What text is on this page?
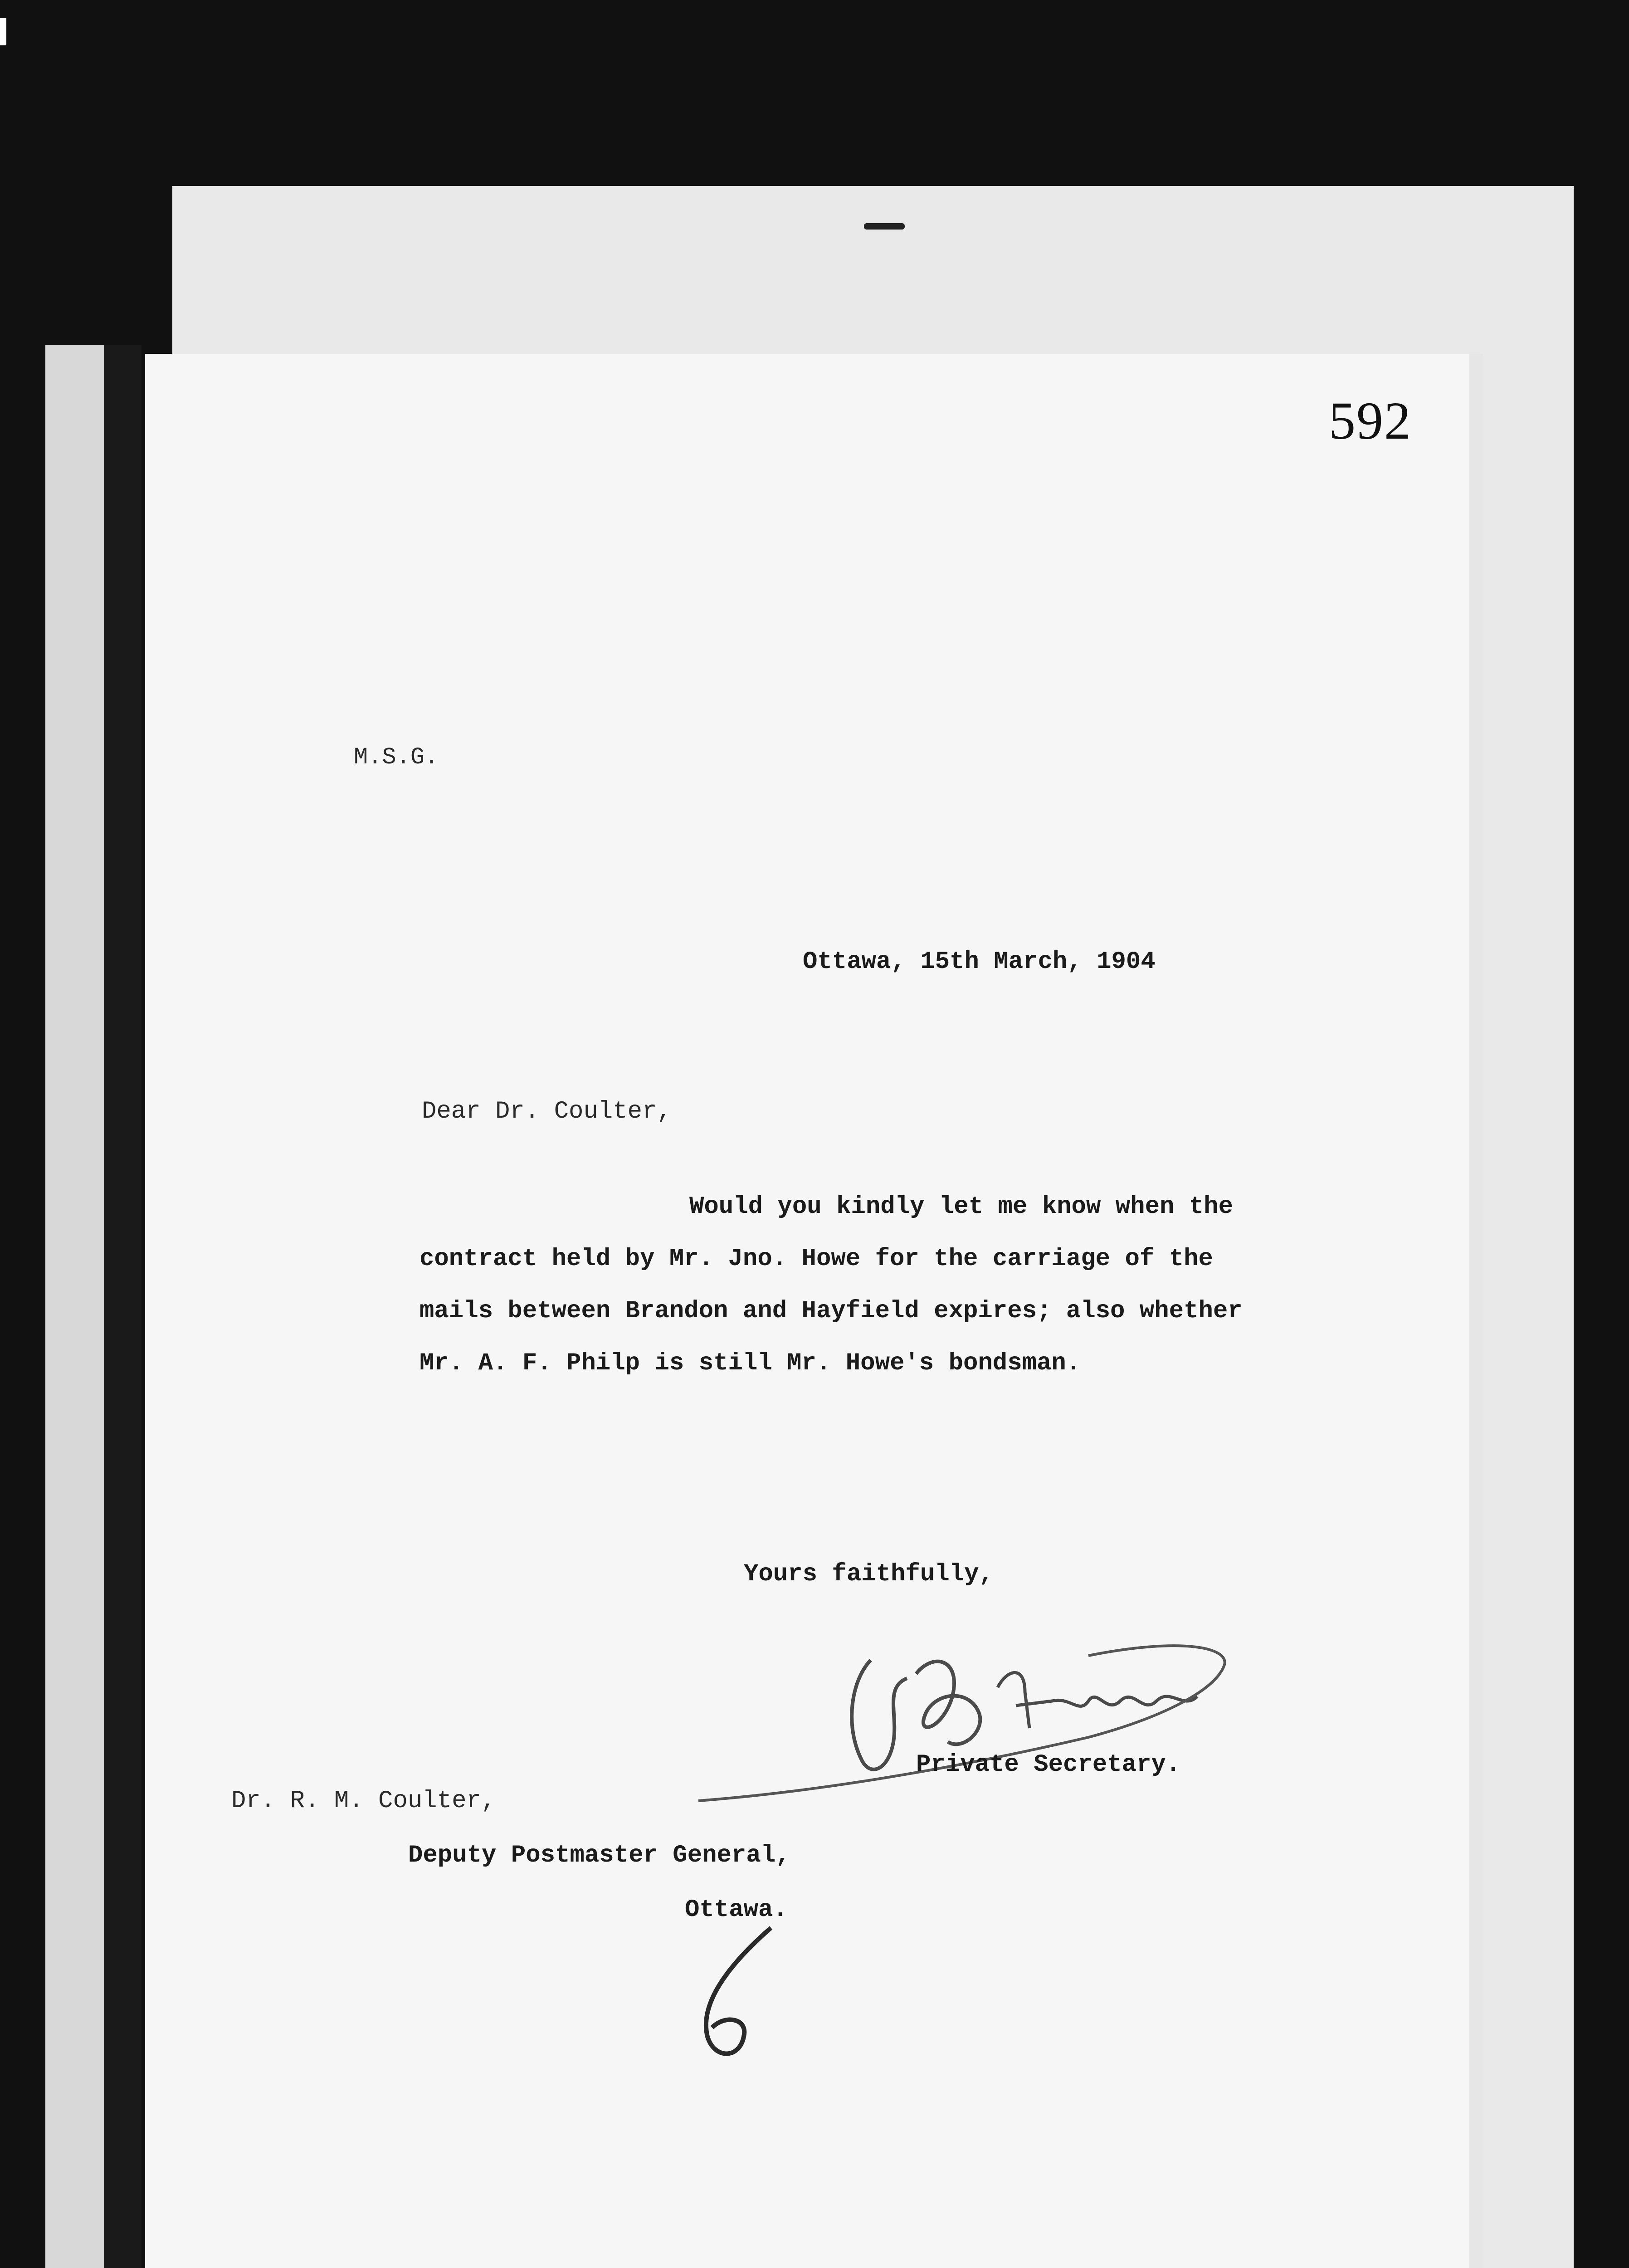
592
M.S.G.
Ottawa, 15th March, 1904
Dear Dr. Coulter,
Would you kindly let me know when the
contract held by Mr. Jno. Howe for the carriage of the
mails between Brandon and Hayfield expires; also whether
Mr. A. F. Philp is still Mr. Howe's bondsman.
Yours faithfully,
Private Secretary.
Dr. R. M. Coulter,
Deputy Postmaster General,
Ottawa.
